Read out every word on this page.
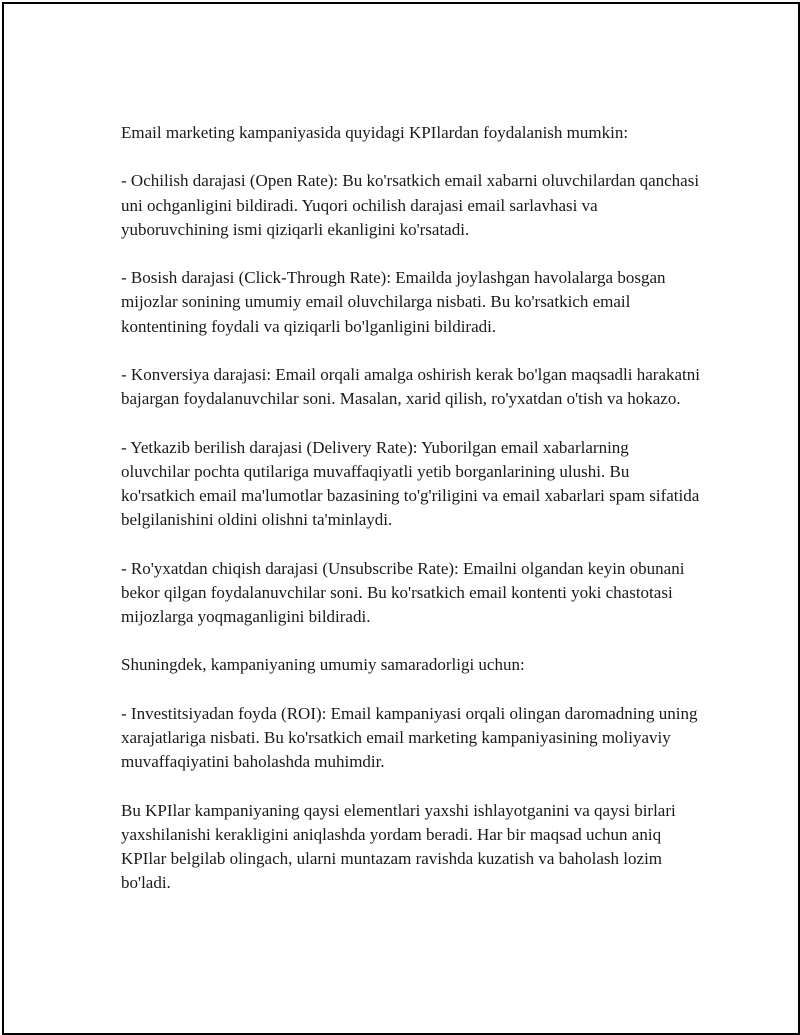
Email marketing kampaniyasida quyidagi KPIlardan foydalanish mumkin:

- Ochilish darajasi (Open Rate): Bu ko'rsatkich email xabarni oluvchilardan qanchasi uni ochganligini bildiradi. Yuqori ochilish darajasi email sarlavhasi va yuboruvchining ismi qiziqarli ekanligini ko'rsatadi.

- Bosish darajasi (Click-Through Rate): Emailda joylashgan havolalarga bosgan mijozlar sonining umumiy email oluvchilarga nisbati. Bu ko'rsatkich email kontentining foydali va qiziqarli bo'lganligini bildiradi.

- Konversiya darajasi: Email orqali amalga oshirish kerak bo'lgan maqsadli harakatni bajargan foydalanuvchilar soni. Masalan, xarid qilish, ro'yxatdan o'tish va hokazo.

- Yetkazib berilish darajasi (Delivery Rate): Yuborilgan email xabarlarning oluvchilar pochta qutilariga muvaffaqiyatli yetib borganlarining ulushi. Bu ko'rsatkich email ma'lumotlar bazasining to'g'riligini va email xabarlari spam sifatida belgilanishini oldini olishni ta'minlaydi.

- Ro'yxatdan chiqish darajasi (Unsubscribe Rate): Emailni olgandan keyin obunani bekor qilgan foydalanuvchilar soni. Bu ko'rsatkich email kontenti yoki chastotasi mijozlarga yoqmaganligini bildiradi.

Shuningdek, kampaniyaning umumiy samaradorligi uchun:

- Investitsiyadan foyda (ROI): Email kampaniyasi orqali olingan daromadning uning xarajatlariga nisbati. Bu ko'rsatkich email marketing kampaniyasining moliyaviy muvaffaqiyatini baholashda muhimdir.

Bu KPIlar kampaniyaning qaysi elementlari yaxshi ishlayotganini va qaysi birlari yaxshilanishi kerakligini aniqlashda yordam beradi. Har bir maqsad uchun aniq KPIlar belgilab olingach, ularni muntazam ravishda kuzatish va baholash lozim bo'ladi.
